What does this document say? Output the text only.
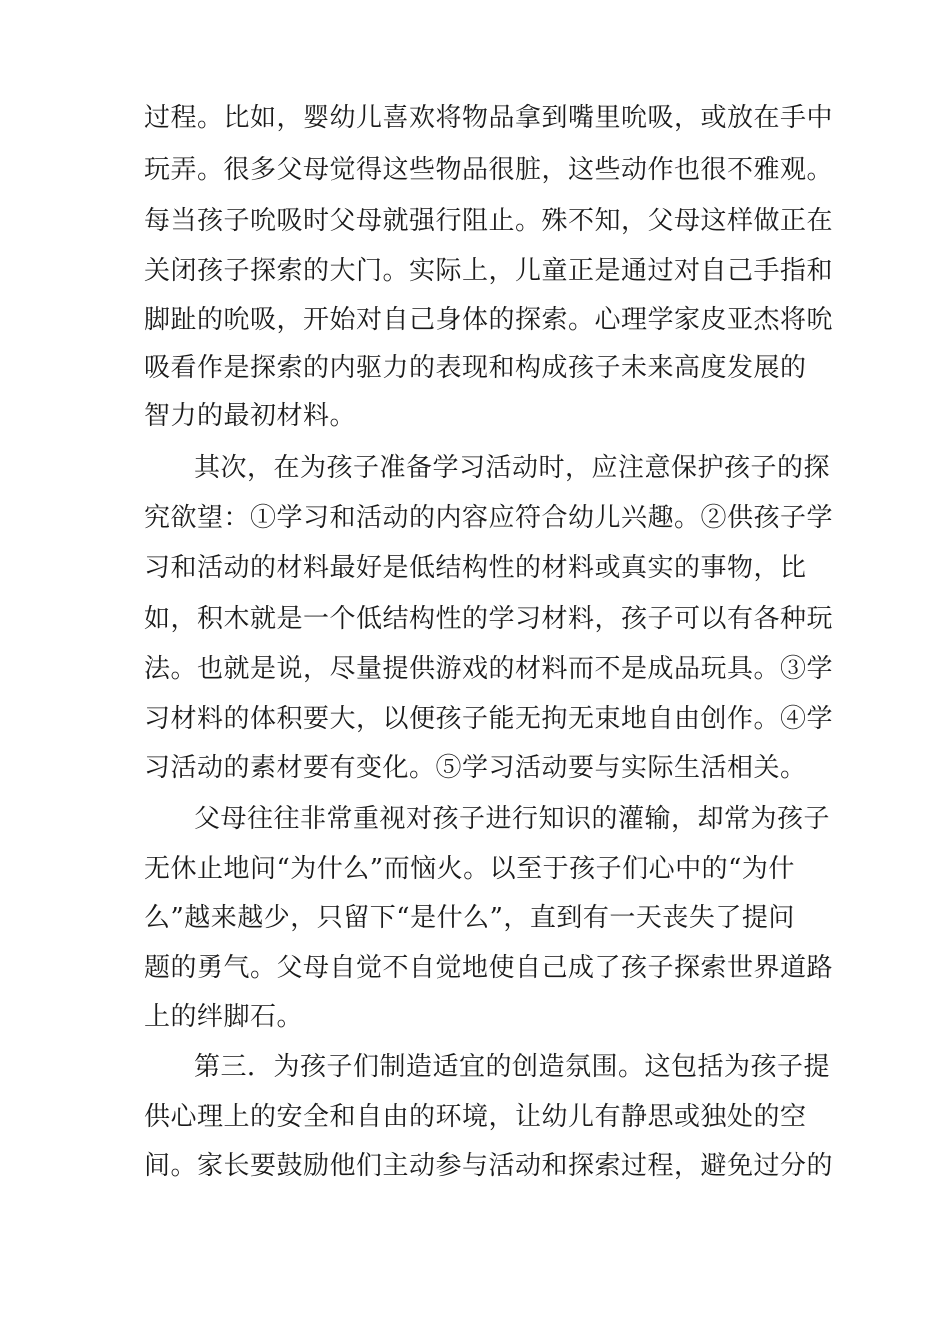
过程。比如，婴幼儿喜欢将物品拿到嘴里吮吸，或放在手中
玩弄。很多父母觉得这些物品很脏，这些动作也很不雅观。
每当孩子吮吸时父母就强行阻止。殊不知，父母这样做正在
关闭孩子探索的大门。实际上，儿童正是通过对自己手指和
脚趾的吮吸，开始对自己身体的探索。心理学家皮亚杰将吮
吸看作是探索的内驱力的表现和构成孩子未来高度发展的
智力的最初材料。
其次，在为孩子准备学习活动时，应注意保护孩子的探
究欲望：①学习和活动的内容应符合幼儿兴趣。②供孩子学
习和活动的材料最好是低结构性的材料或真实的事物，比
如，积木就是一个低结构性的学习材料，孩子可以有各种玩
法。也就是说，尽量提供游戏的材料而不是成品玩具。③学
习材料的体积要大，以便孩子能无拘无束地自由创作。④学
习活动的素材要有变化。⑤学习活动要与实际生活相关。
父母往往非常重视对孩子进行知识的灌输，却常为孩子
无休止地问“为什么”而恼火。以至于孩子们心中的“为什
么”越来越少，只留下“是什么”，直到有一天丧失了提问
题的勇气。父母自觉不自觉地使自己成了孩子探索世界道路
上的绊脚石。
第三．为孩子们制造适宜的创造氛围。这包括为孩子提
供心理上的安全和自由的环境，让幼儿有静思或独处的空
间。家长要鼓励他们主动参与活动和探索过程，避免过分的
